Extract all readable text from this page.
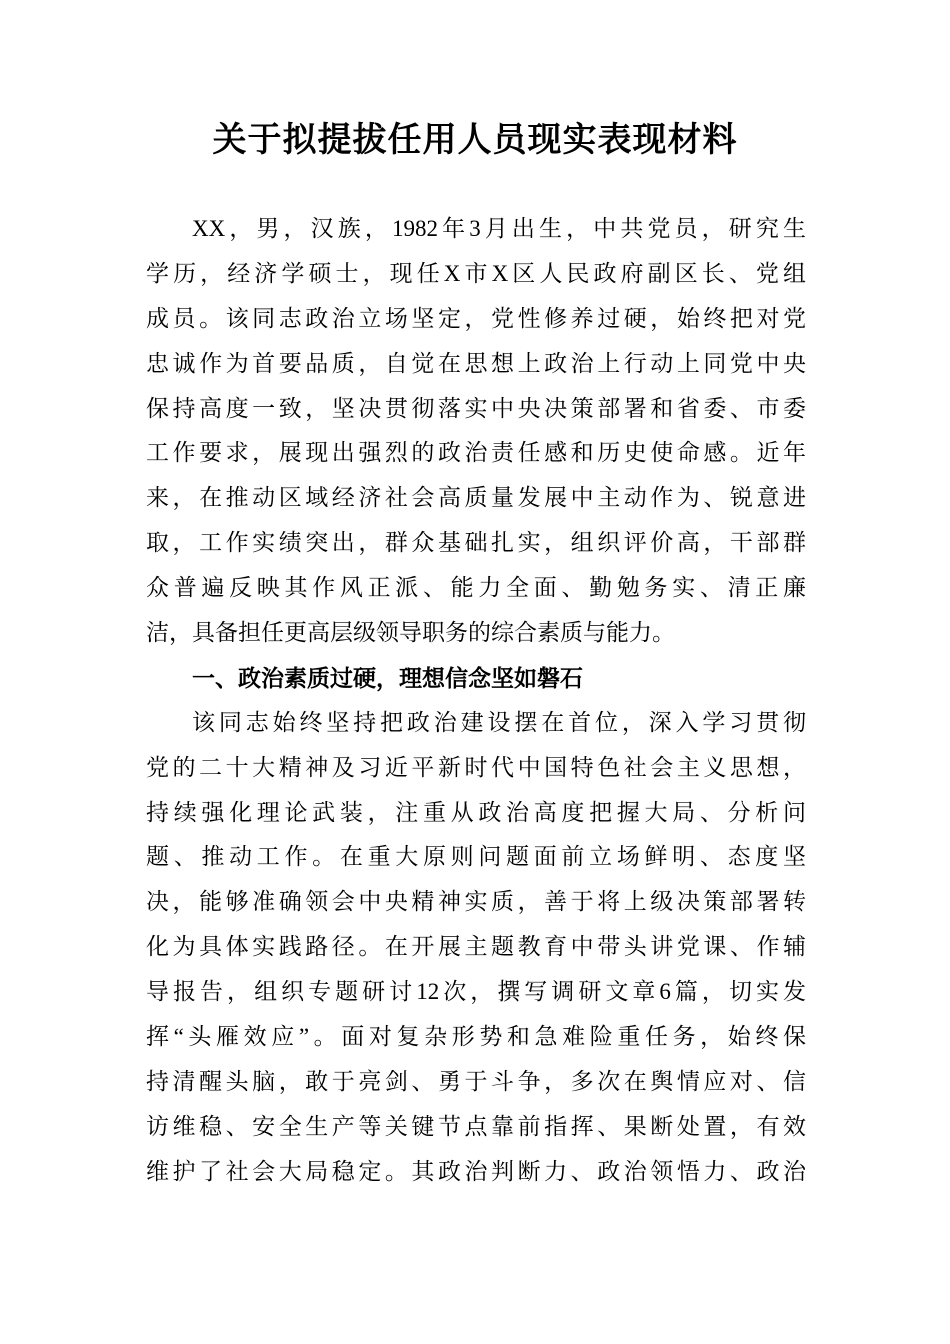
关于拟提拔任用人员现实表现材料
XX，男，汉族，1982年3月出生，中共党员，研究生
学历，经济学硕士，现任X市X区人民政府副区长、党组
成员。该同志政治立场坚定，党性修养过硬，始终把对党
忠诚作为首要品质，自觉在思想上政治上行动上同党中央
保持高度一致，坚决贯彻落实中央决策部署和省委、市委
工作要求，展现出强烈的政治责任感和历史使命感。近年
来，在推动区域经济社会高质量发展中主动作为、锐意进
取，工作实绩突出，群众基础扎实，组织评价高，干部群
众普遍反映其作风正派、能力全面、勤勉务实、清正廉
洁，具备担任更高层级领导职务的综合素质与能力。
一、政治素质过硬，理想信念坚如磐石
该同志始终坚持把政治建设摆在首位，深入学习贯彻
党的二十大精神及习近平新时代中国特色社会主义思想，
持续强化理论武装，注重从政治高度把握大局、分析问
题、推动工作。在重大原则问题面前立场鲜明、态度坚
决，能够准确领会中央精神实质，善于将上级决策部署转
化为具体实践路径。在开展主题教育中带头讲党课、作辅
导报告，组织专题研讨12次，撰写调研文章6篇，切实发
挥“头雁效应”。面对复杂形势和急难险重任务，始终保
持清醒头脑，敢于亮剑、勇于斗争，多次在舆情应对、信
访维稳、安全生产等关键节点靠前指挥、果断处置，有效
维护了社会大局稳定。其政治判断力、政治领悟力、政治
